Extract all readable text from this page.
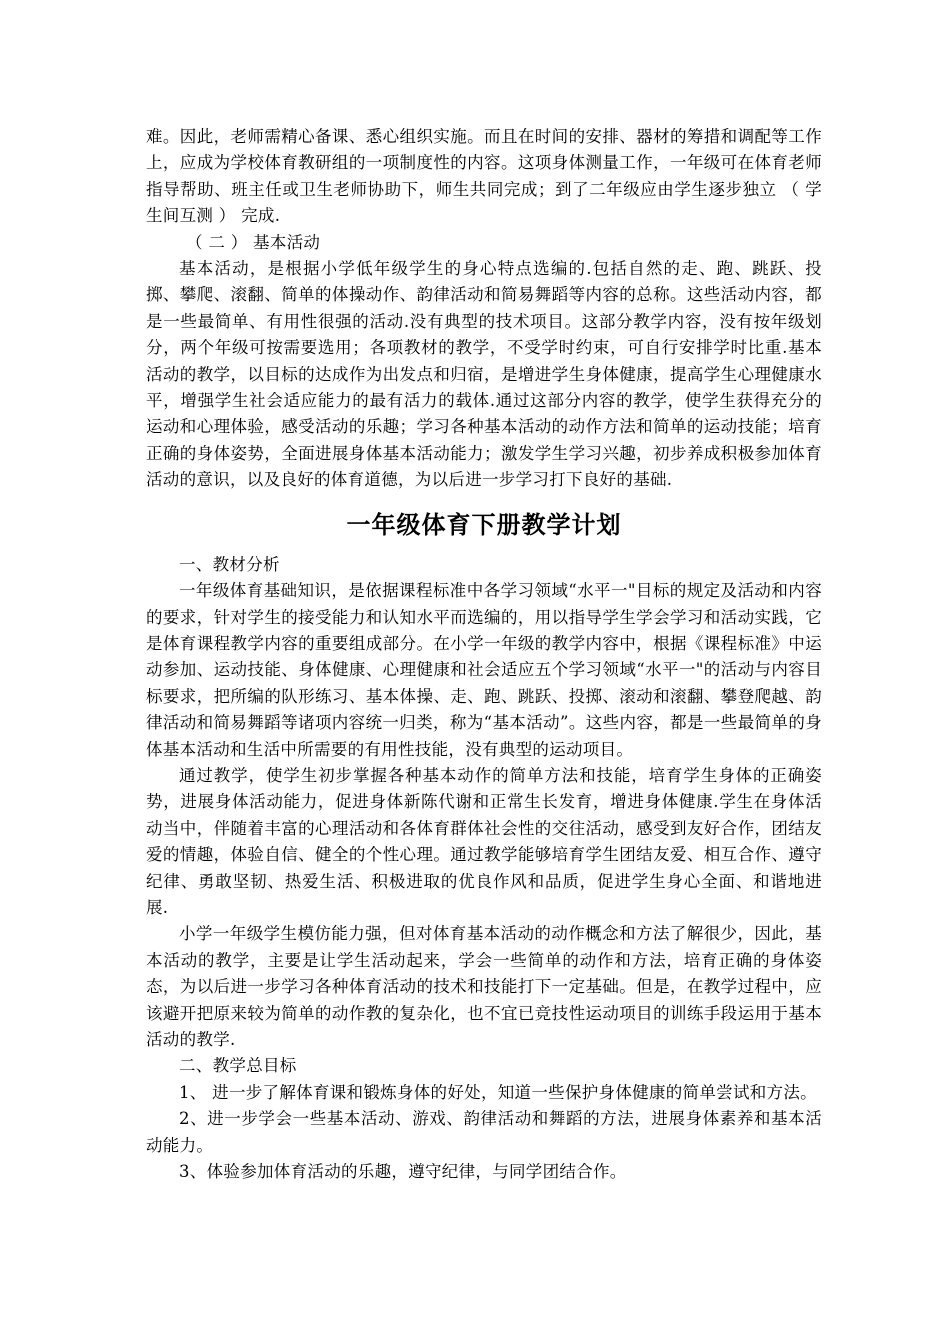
难。因此，老师需精心备课、悉心组织实施。而且在时间的安排、器材的筹措和调配等工作上，应成为学校体育教研组的一项制度性的内容。这项身体测量工作，一年级可在体育老师指导帮助、班主任或卫生老师协助下，师生共同完成；到了二年级应由学生逐步独立 （ 学生间互测 ） 完成.

（ 二 ） 基本活动

基本活动，是根据小学低年级学生的身心特点选编的.包括自然的走、跑、跳跃、投掷、攀爬、滚翻、简单的体操动作、韵律活动和简易舞蹈等内容的总称。这些活动内容，都是一些最简单、有用性很强的活动.没有典型的技术项目。这部分教学内容，没有按年级划分，两个年级可按需要选用；各项教材的教学，不受学时约束，可自行安排学时比重.基本活动的教学，以目标的达成作为出发点和归宿，是增进学生身体健康，提高学生心理健康水平，增强学生社会适应能力的最有活力的载体.通过这部分内容的教学，使学生获得充分的运动和心理体验，感受活动的乐趣；学习各种基本活动的动作方法和简单的运动技能；培育正确的身体姿势，全面进展身体基本活动能力；激发学生学习兴趣，初步养成积极参加体育活动的意识，以及良好的体育道德，为以后进一步学习打下良好的基础.

一年级体育下册教学计划

一、教材分析

一年级体育基础知识，是依据课程标准中各学习领域“水平一"目标的规定及活动和内容的要求，针对学生的接受能力和认知水平而选编的，用以指导学生学会学习和活动实践，它是体育课程教学内容的重要组成部分。在小学一年级的教学内容中，根据《课程标准》中运动参加、运动技能、身体健康、心理健康和社会适应五个学习领域“水平一"的活动与内容目标要求，把所编的队形练习、基本体操、走、跑、跳跃、投掷、滚动和滚翻、攀登爬越、韵律活动和简易舞蹈等诸项内容统一归类，称为“基本活动”。这些内容，都是一些最简单的身体基本活动和生活中所需要的有用性技能，没有典型的运动项目。

通过教学，使学生初步掌握各种基本动作的简单方法和技能，培育学生身体的正确姿势，进展身体活动能力，促进身体新陈代谢和正常生长发育，增进身体健康.学生在身体活动当中，伴随着丰富的心理活动和各体育群体社会性的交往活动，感受到友好合作，团结友爱的情趣，体验自信、健全的个性心理。通过教学能够培育学生团结友爱、相互合作、遵守纪律、勇敢坚韧、热爱生活、积极进取的优良作风和品质，促进学生身心全面、和谐地进展.

小学一年级学生模仿能力强，但对体育基本活动的动作概念和方法了解很少，因此，基本活动的教学，主要是让学生活动起来，学会一些简单的动作和方法，培育正确的身体姿态，为以后进一步学习各种体育活动的技术和技能打下一定基础。但是，在教学过程中，应该避开把原来较为简单的动作教的复杂化，也不宜已竞技性运动项目的训练手段运用于基本活动的教学.

二、教学总目标

1、 进一步了解体育课和锻炼身体的好处，知道一些保护身体健康的简单尝试和方法。

2、进一步学会一些基本活动、游戏、韵律活动和舞蹈的方法，进展身体素养和基本活动能力。

3、体验参加体育活动的乐趣，遵守纪律，与同学团结合作。
